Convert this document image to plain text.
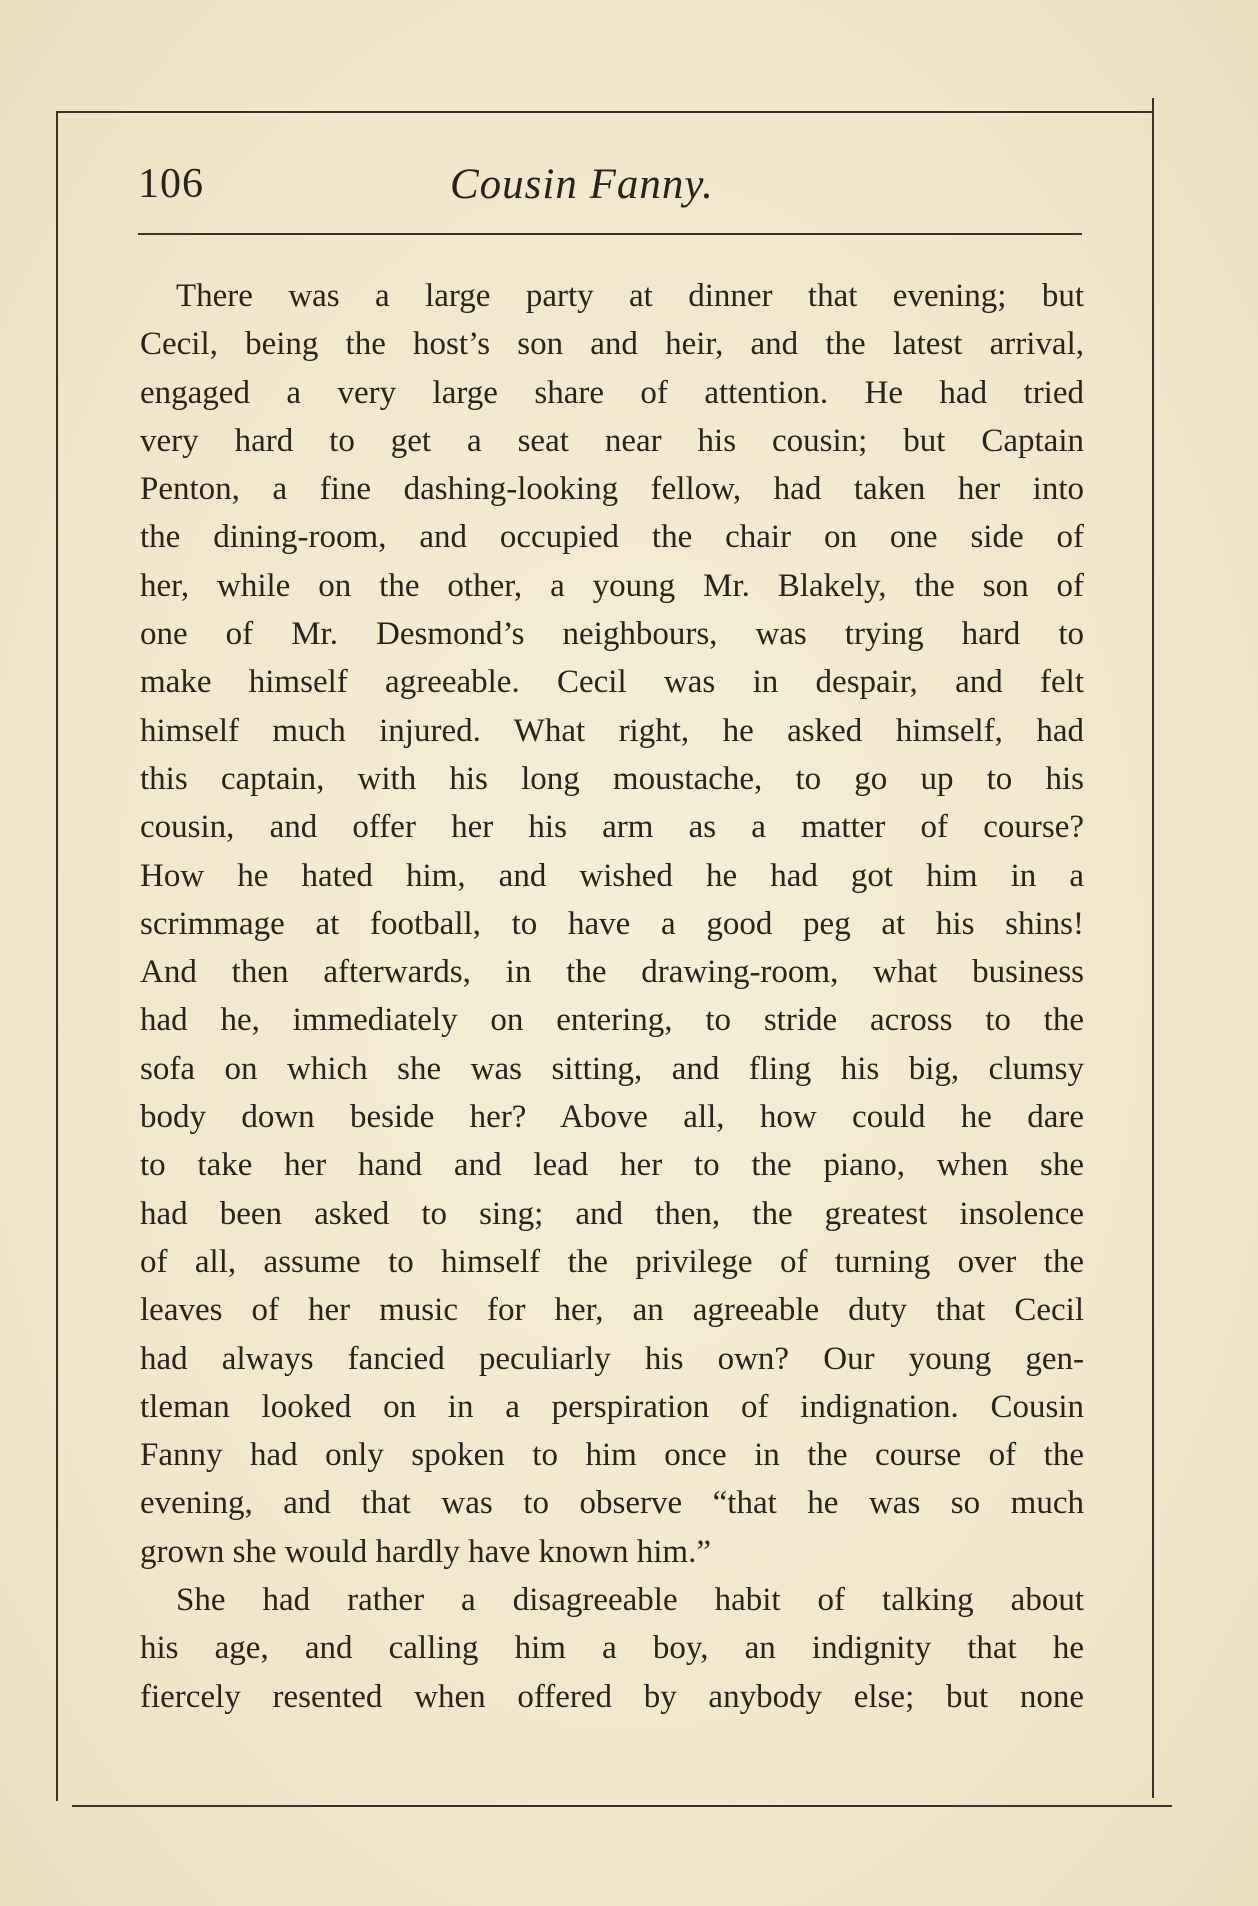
106	Cousin Fanny.
There was a large party at dinner that evening; but
Cecil, being the host’s son and heir, and the latest arrival,
engaged a very large share of attention. He had tried
very hard to get a seat near his cousin; but Captain
Penton, a fine dashing-looking fellow, had taken her into
the dining-room, and occupied the chair on one side of
her, while on the other, a young Mr. Blakely, the son of
one of Mr. Desmond’s neighbours, was trying hard to
make himself agreeable. Cecil was in despair, and felt
himself much injured. What right, he asked himself, had
this captain, with his long moustache, to go up to his
cousin, and offer her his arm as a matter of course?
How he hated him, and wished he had got him in a
scrimmage at football, to have a good peg at his shins!
And then afterwards, in the drawing-room, what business
had he, immediately on entering, to stride across to the
sofa on which she was sitting, and fling his big, clumsy
body down beside her? Above all, how could he dare
to take her hand and lead her to the piano, when she
had been asked to sing; and then, the greatest insolence
of all, assume to himself the privilege of turning over the
leaves of her music for her, an agreeable duty that Cecil
had always fancied peculiarly his own? Our young gen-
tleman looked on in a perspiration of indignation. Cousin
Fanny had only spoken to him once in the course of the
evening, and that was to observe “that he was so much
grown she would hardly have known him.”
She had rather a disagreeable habit of talking about
his age, and calling him a boy, an indignity that he
fiercely resented when offered by anybody else; but none
